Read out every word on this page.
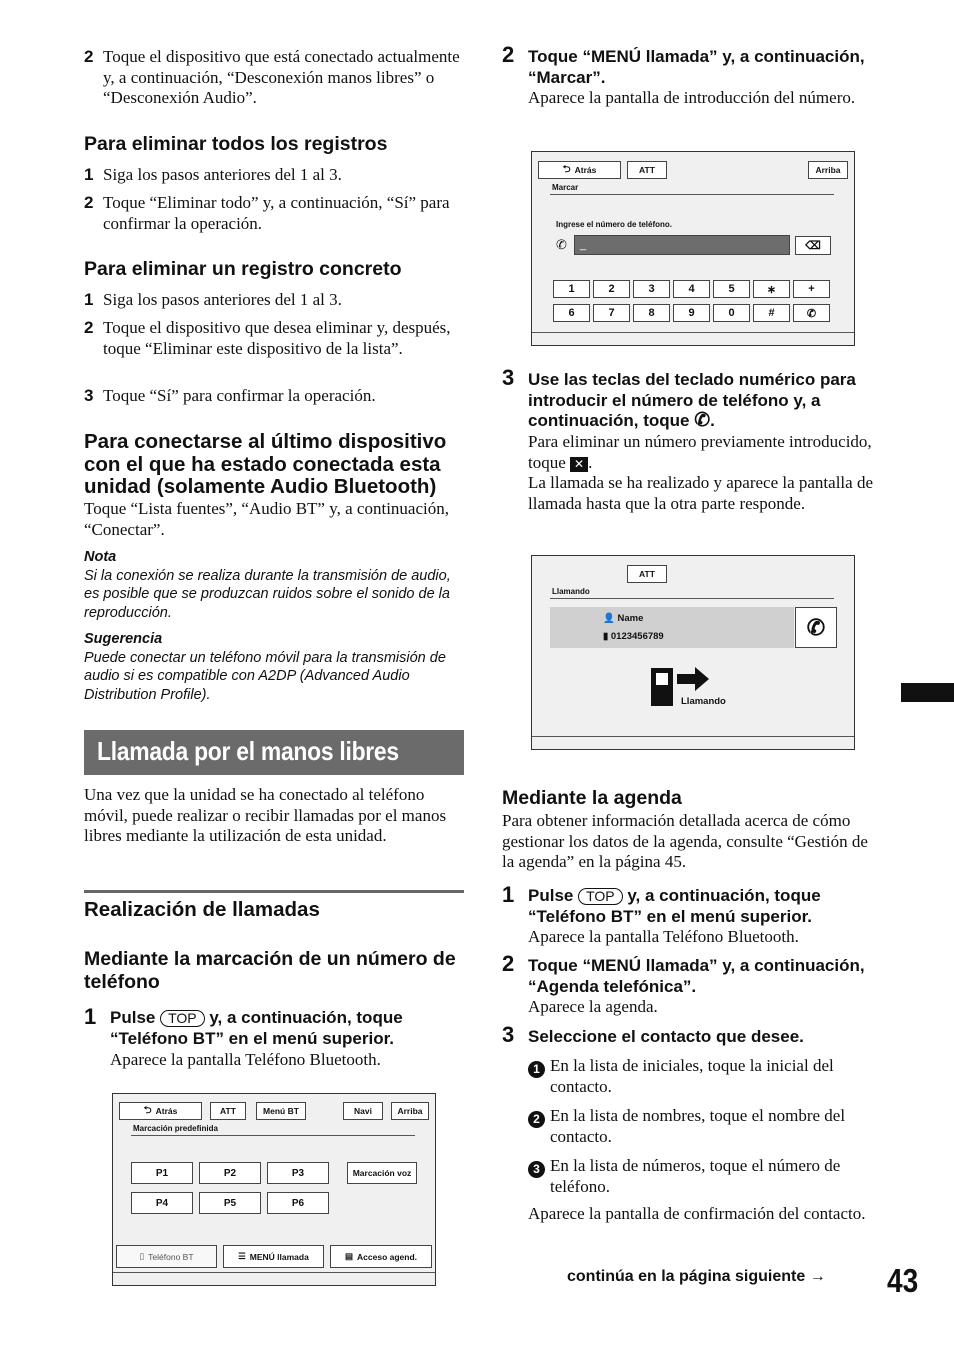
2 Toque el dispositivo que está conectado actualmente y, a continuación, “Desconexión manos libres” o “Desconexión Audio”.
Para eliminar todos los registros
1 Siga los pasos anteriores del 1 al 3.
2 Toque “Eliminar todo” y, a continuación, “Sí” para confirmar la operación.
Para eliminar un registro concreto
1 Siga los pasos anteriores del 1 al 3.
2 Toque el dispositivo que desea eliminar y, después, toque “Eliminar este dispositivo de la lista”.
3 Toque “Sí” para confirmar la operación.
Para conectarse al último dispositivo con el que ha estado conectada esta unidad (solamente Audio Bluetooth)
Toque “Lista fuentes”, “Audio BT” y, a continuación, “Conectar”.
Nota
Si la conexión se realiza durante la transmisión de audio, es posible que se produzcan ruidos sobre el sonido de la reproducción.
Sugerencia
Puede conectar un teléfono móvil para la transmisión de audio si es compatible con A2DP (Advanced Audio Distribution Profile).
Llamada por el manos libres
Una vez que la unidad se ha conectado al teléfono móvil, puede realizar o recibir llamadas por el manos libres mediante la utilización de esta unidad.
Realización de llamadas
Mediante la marcación de un número de teléfono
1 Pulse TOP y, a continuación, toque “Teléfono BT” en el menú superior.
Aparece la pantalla Teléfono Bluetooth.
⮌ Atrás	ATT	Menú BT	Navi	Arriba
Marcación predefinida
P1	P2	P3	Marcación voz
P4	P5	P6
▯ Teléfono BT	☰ MENÚ llamada	▤ Acceso agend.
2 Toque “MENÚ llamada” y, a continuación, “Marcar”.
Aparece la pantalla de introducción del número.
⮌ Atrás	ATT	Arriba
Marcar
Ingrese el número de teléfono.
✆	_	⌫
1	2	3	4	5	∗	+
6	7	8	9	0	#	✆
3 Use las teclas del teclado numérico para introducir el número de teléfono y, a continuación, toque ✆.
Para eliminar un número previamente introducido, toque ✕ .
La llamada se ha realizado y aparece la pantalla de llamada hasta que la otra parte responde.
ATT
Llamando
👤 Name
▮ 0123456789	✆
Llamando
Mediante la agenda
Para obtener información detallada acerca de cómo gestionar los datos de la agenda, consulte “Gestión de la agenda” en la página 45.
1 Pulse TOP y, a continuación, toque “Teléfono BT” en el menú superior.
Aparece la pantalla Teléfono Bluetooth.
2 Toque “MENÚ llamada” y, a continuación, “Agenda telefónica”.
Aparece la agenda.
3 Seleccione el contacto que desee.
1 En la lista de iniciales, toque la inicial del contacto.
2 En la lista de nombres, toque el nombre del contacto.
3 En la lista de números, toque el número de teléfono.
Aparece la pantalla de confirmación del contacto.
continúa en la página siguiente → 43
